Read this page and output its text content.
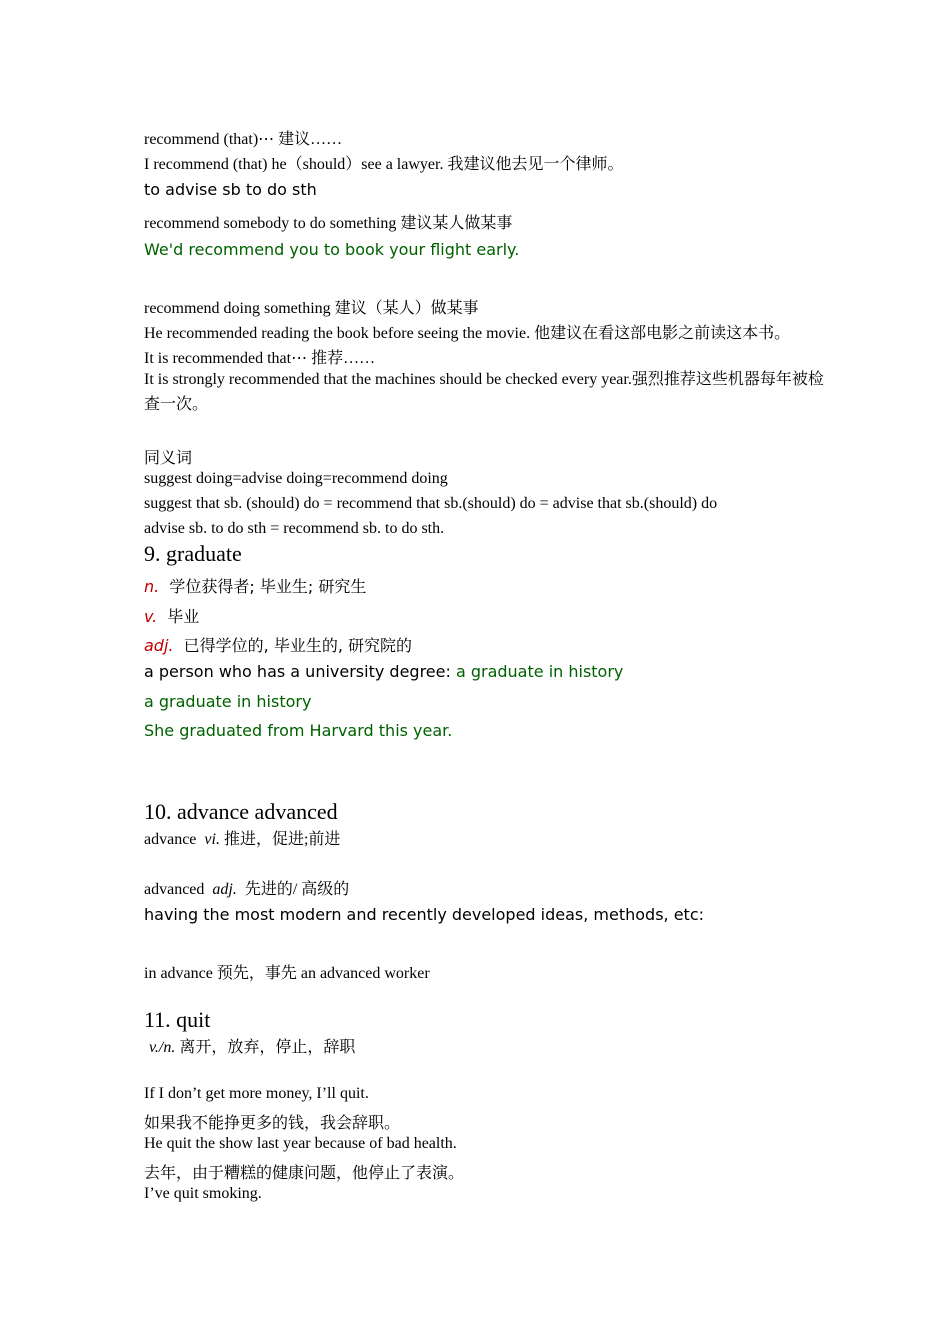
recommend (that)⋯ 建议……
I recommend (that) he（should）see a lawyer. 我建议他去见一个律师。
to advise sb to do sth
recommend somebody to do something 建议某人做某事
We'd recommend you to book your flight early.
recommend doing something 建议（某人）做某事
He recommended reading the book before seeing the movie. 他建议在看这部电影之前读这本书。
It is recommended that⋯ 推荐……
It is strongly recommended that the machines should be checked every year.强烈推荐这些机器每年被检查一次。
同义词
suggest doing=advise doing=recommend doing
suggest that sb. (should) do = recommend that sb.(should) do = advise that sb.(should) do
advise sb. to do sth = recommend sb. to do sth.
9. graduate
n. 学位获得者; 毕业生; 研究生
v. 毕业
adj. 已得学位的, 毕业生的, 研究院的
a person who has a university degree: a graduate in history
a graduate in history
She graduated from Harvard this year.
10. advance advanced
advance  vi. 推进，促进;前进
advanced  adj.  先进的/ 高级的
having the most modern and recently developed ideas, methods, etc:
in advance 预先，事先 an advanced worker
11. quit
v./n. 离开，放弃，停止，辞职
If I don’t get more money, I’ll quit.
如果我不能挣更多的钱，我会辞职。
He quit the show last year because of bad health.
去年，由于糟糕的健康问题，他停止了表演。
I’ve quit smoking.
